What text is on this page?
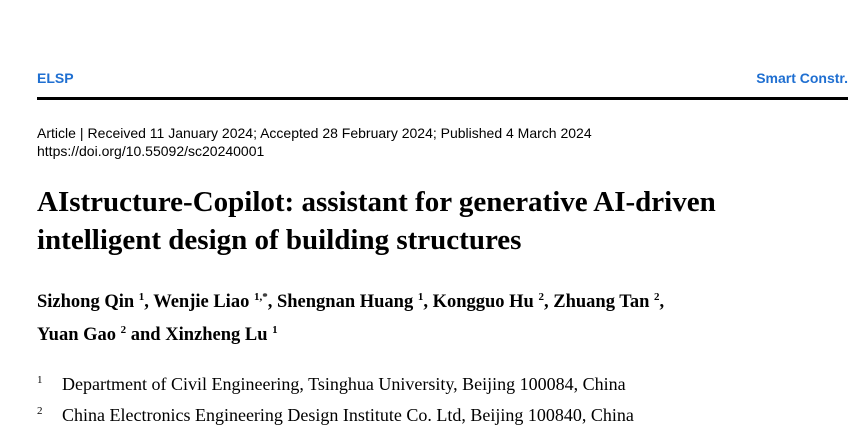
ELSP	Smart Constr.
Article | Received 11 January 2024; Accepted 28 February 2024; Published 4 March 2024
https://doi.org/10.55092/sc20240001
AIstructure-Copilot: assistant for generative AI-driven
intelligent design of building structures
Sizhong Qin $^1$, Wenjie Liao $^{1,*}$, Shengnan Huang $^1$, Kongguo Hu $^2$, Zhuang Tan $^2$,
Yuan Gao $^2$ and Xinzheng Lu $^1$
1 Department of Civil Engineering, Tsinghua University, Beijing 100084, China
2 China Electronics Engineering Design Institute Co. Ltd, Beijing 100840, China
